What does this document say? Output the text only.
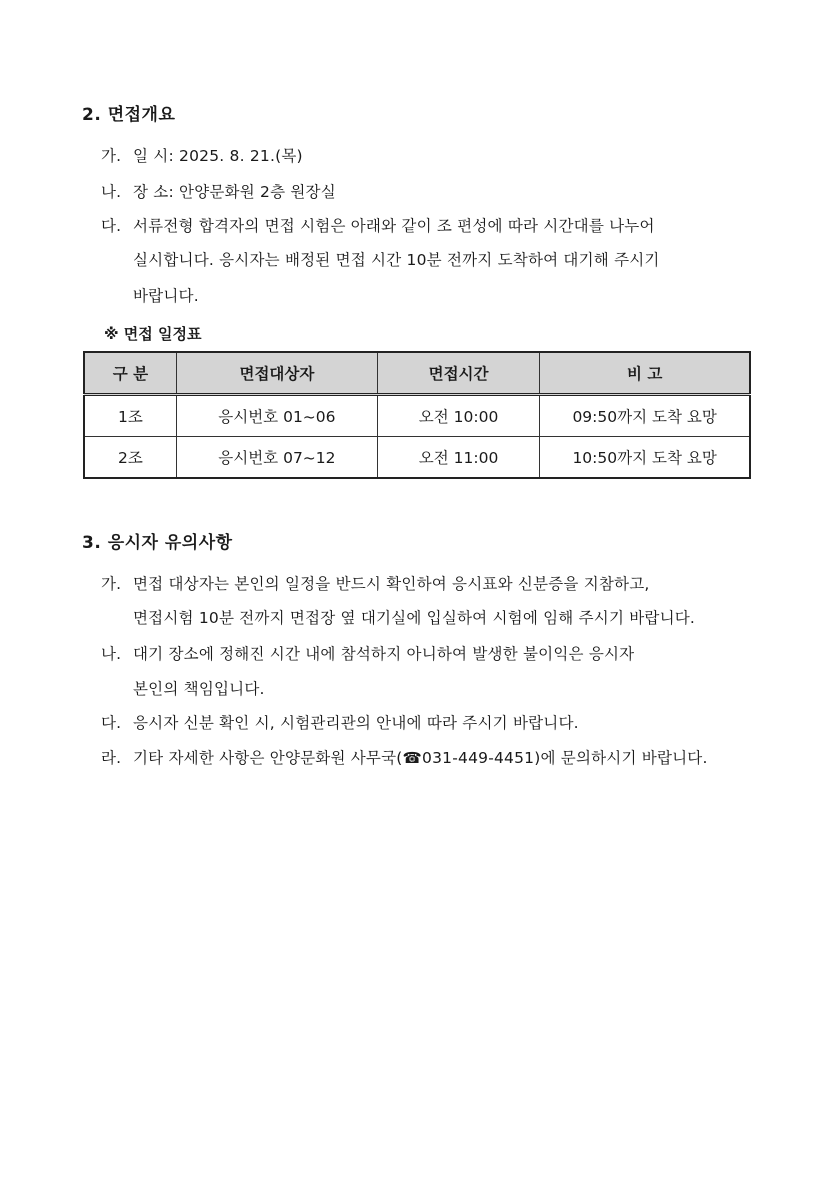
2. 면접개요
가. 일 시: 2025. 8. 21.(목)
나. 장 소: 안양문화원 2층 원장실
다. 서류전형 합격자의 면접 시험은 아래와 같이 조 편성에 따라 시간대를 나누어
실시합니다. 응시자는 배정된 면접 시간 10분 전까지 도착하여 대기해 주시기
바랍니다.
※ 면접 일정표
구 분	면접대상자	면접시간	비 고
1조	응시번호 01~06	오전 10:00	09:50까지 도착 요망
2조	응시번호 07~12	오전 11:00	10:50까지 도착 요망
3. 응시자 유의사항
가. 면접 대상자는 본인의 일정을 반드시 확인하여 응시표와 신분증을 지참하고,
면접시험 10분 전까지 면접장 옆 대기실에 입실하여 시험에 임해 주시기 바랍니다.
나. 대기 장소에 정해진 시간 내에 참석하지 아니하여 발생한 불이익은 응시자
본인의 책임입니다.
다. 응시자 신분 확인 시, 시험관리관의 안내에 따라 주시기 바랍니다.
라. 기타 자세한 사항은 안양문화원 사무국(☎031-449-4451)에 문의하시기 바랍니다.
